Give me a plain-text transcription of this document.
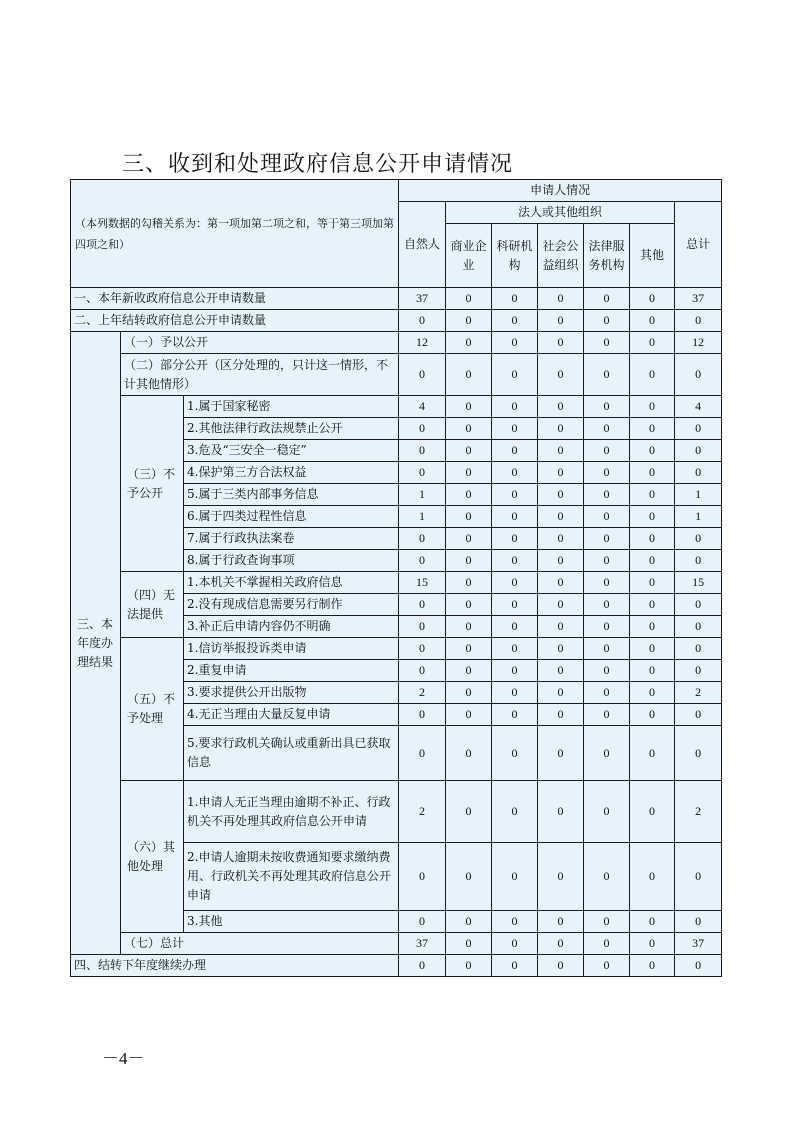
三、收到和处理政府信息公开申请情况
（本列数据的勾稽关系为：第一项加第二项之和，等于第三项加第四项之和）			申请人情况						
			自然人	法人或其他组织					总计
				商业企业	科研机构	社会公益组织	法律服务机构	其他	
一、本年新收政府信息公开申请数量			37	0	0	0	0	0	37
二、上年结转政府信息公开申请数量			0	0	0	0	0	0	0
三、本年度办理结果	（一）予以公开		12	0	0	0	0	0	12
	（二）部分公开（区分处理的，只计这一情形，不计其他情形）		0	0	0	0	0	0	0
	（三）不予公开	1.属于国家秘密	4	0	0	0	0	0	4
		2.其他法律行政法规禁止公开	0	0	0	0	0	0	0
		3.危及“三安全一稳定”	0	0	0	0	0	0	0
		4.保护第三方合法权益	0	0	0	0	0	0	0
		5.属于三类内部事务信息	1	0	0	0	0	0	1
		6.属于四类过程性信息	1	0	0	0	0	0	1
		7.属于行政执法案卷	0	0	0	0	0	0	0
		8.属于行政查询事项	0	0	0	0	0	0	0
	（四）无法提供	1.本机关不掌握相关政府信息	15	0	0	0	0	0	15
		2.没有现成信息需要另行制作	0	0	0	0	0	0	0
		3.补正后申请内容仍不明确	0	0	0	0	0	0	0
	（五）不予处理	1.信访举报投诉类申请	0	0	0	0	0	0	0
		2.重复申请	0	0	0	0	0	0	0
		3.要求提供公开出版物	2	0	0	0	0	0	2
		4.无正当理由大量反复申请	0	0	0	0	0	0	0
		5.要求行政机关确认或重新出具已获取信息	0	0	0	0	0	0	0
	（六）其他处理	1.申请人无正当理由逾期不补正、行政机关不再处理其政府信息公开申请	2	0	0	0	0	0	2
		2.申请人逾期未按收费通知要求缴纳费用、行政机关不再处理其政府信息公开申请	0	0	0	0	0	0	0
		3.其他	0	0	0	0	0	0	0
	（七）总计		37	0	0	0	0	0	37
四、结转下年度继续办理			0	0	0	0	0	0	0
－4－
